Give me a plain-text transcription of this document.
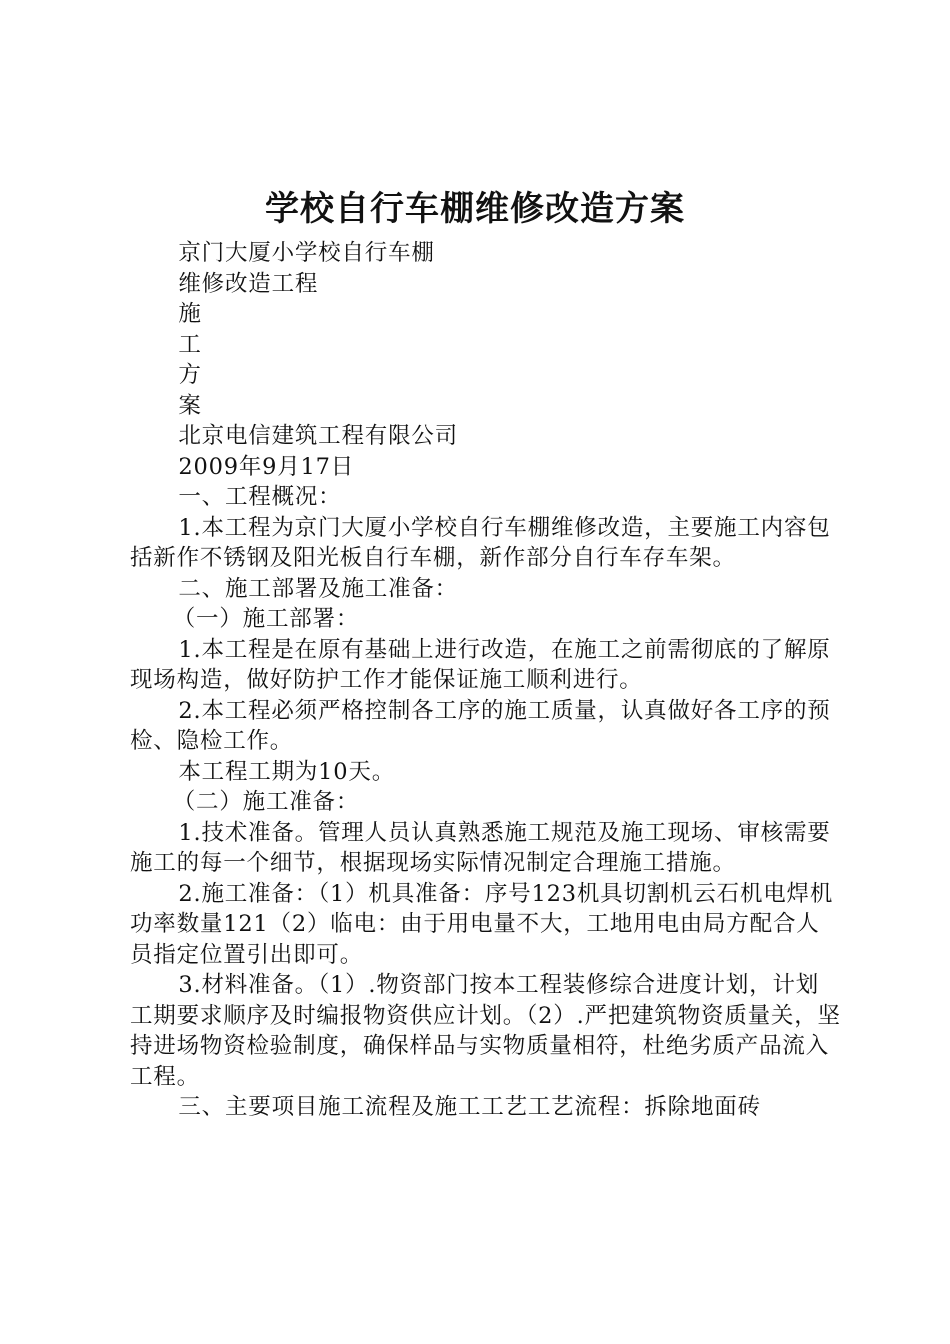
学校自行车棚维修改造方案

京门大厦小学校自行车棚

维修改造工程

施

工

方

案

北京电信建筑工程有限公司

2009年9月17日

一、工程概况：

1.本工程为京门大厦小学校自行车棚维修改造，主要施工内容包括新作不锈钢及阳光板自行车棚，新作部分自行车存车架。

二、施工部署及施工准备：

（一）施工部署：

1.本工程是在原有基础上进行改造，在施工之前需彻底的了解原现场构造，做好防护工作才能保证施工顺利进行。

2.本工程必须严格控制各工序的施工质量，认真做好各工序的预检、隐检工作。

本工程工期为10天。

（二）施工准备：

1.技术准备。管理人员认真熟悉施工规范及施工现场、审核需要施工的每一个细节，根据现场实际情况制定合理施工措施。

2.施工准备：（1）机具准备：序号123机具切割机云石机电焊机功率数量121（2）临电：由于用电量不大，工地用电由局方配合人员指定位置引出即可。

3.材料准备。（1）.物资部门按本工程装修综合进度计划，计划工期要求顺序及时编报物资供应计划。（2）.严把建筑物资质量关，坚持进场物资检验制度，确保样品与实物质量相符，杜绝劣质产品流入工程。

三、主要项目施工流程及施工工艺工艺流程：拆除地面砖
